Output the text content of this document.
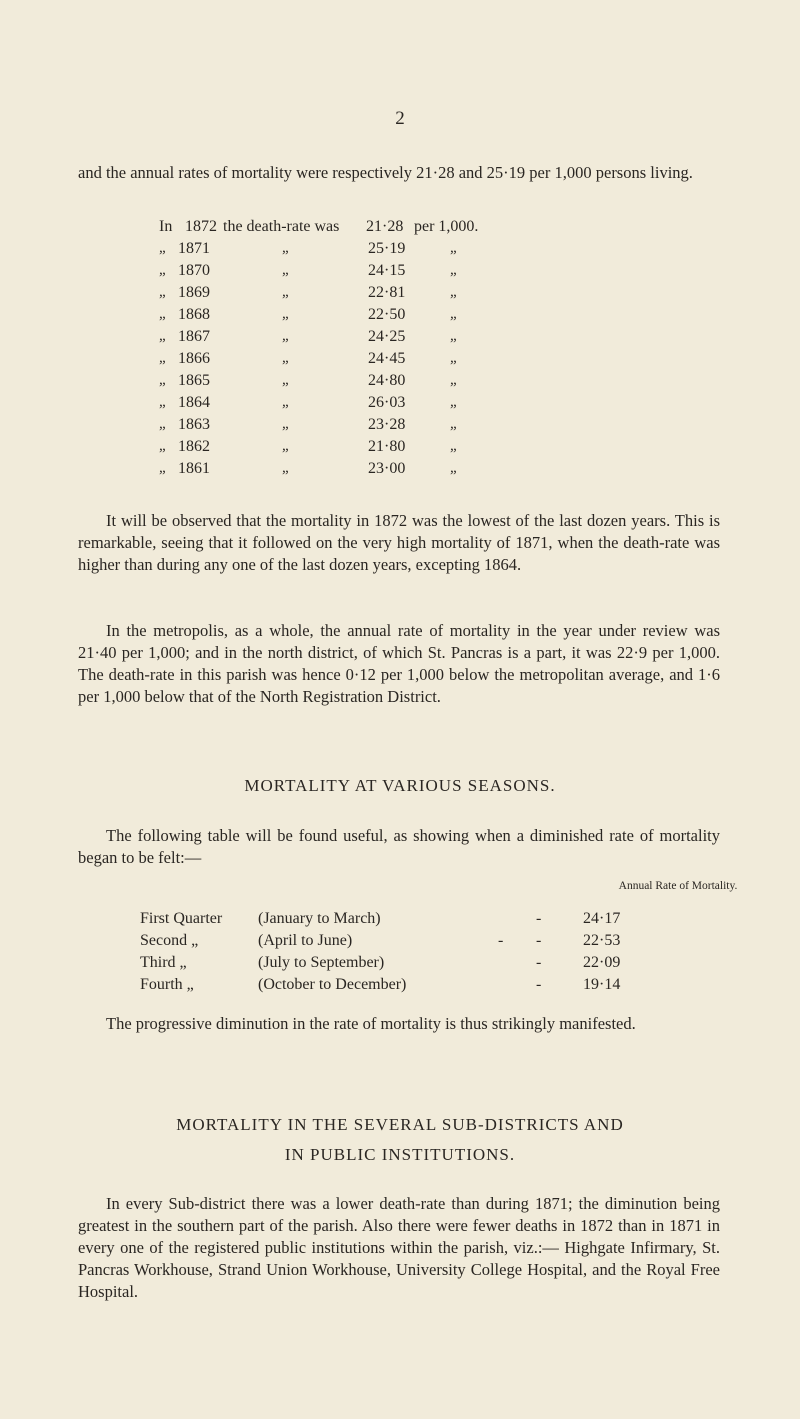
2

and the annual rates of mortality were respectively 21·28 and 25·19 per 1,000 persons living.

In 1872 the death-rate was 21·28 per 1,000.
„ 1871	„	25·19	„
„ 1870	„	24·15	„
„ 1869	„	22·81	„
„ 1868	„	22·50	„
„ 1867	„	24·25	„
„ 1866	„	24·45	„
„ 1865	„	24·80	„
„ 1864	„	26·03	„
„ 1863	„	23·28	„
„ 1862	„	21·80	„
„ 1861	„	23·00	„

It will be observed that the mortality in 1872 was the lowest of the last dozen years. This is remarkable, seeing that it followed on the very high mortality of 1871, when the death-rate was higher than during any one of the last dozen years, excepting 1864.

In the metropolis, as a whole, the annual rate of mortality in the year under review was 21·40 per 1,000; and in the north district, of which St. Pancras is a part, it was 22·9 per 1,000. The death-rate in this parish was hence 0·12 per 1,000 below the metropolitan average, and 1·6 per 1,000 below that of the North Registration District.

MORTALITY AT VARIOUS SEASONS.

The following table will be found useful, as showing when a diminished rate of mortality began to be felt:—

Annual Rate of Mortality.
First Quarter (January to March)	-	24·17
Second „	(April to June)	- -	22·53
Third „	(July to September)	-	22·09
Fourth „	(October to December)	-	19·14

The progressive diminution in the rate of mortality is thus strikingly manifested.

MORTALITY IN THE SEVERAL SUB-DISTRICTS AND
IN PUBLIC INSTITUTIONS.

In every Sub-district there was a lower death-rate than during 1871; the diminution being greatest in the southern part of the parish. Also there were fewer deaths in 1872 than in 1871 in every one of the registered public institutions within the parish, viz.:— Highgate Infirmary, St. Pancras Workhouse, Strand Union Workhouse, University College Hospital, and the Royal Free Hospital.
